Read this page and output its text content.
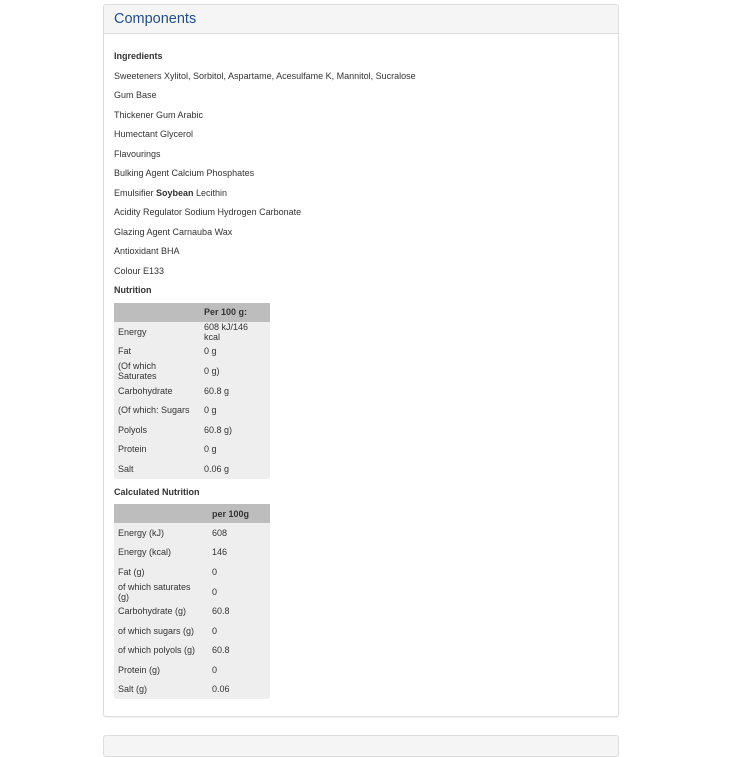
Components
Ingredients
Sweeteners Xylitol, Sorbitol, Aspartame, Acesulfame K, Mannitol, Sucralose
Gum Base
Thickener Gum Arabic
Humectant Glycerol
Flavourings
Bulking Agent Calcium Phosphates
Emulsifier Soybean Lecithin
Acidity Regulator Sodium Hydrogen Carbonate
Glazing Agent Carnauba Wax
Antioxidant BHA
Colour E133
Nutrition
	Per 100 g:
Energy	608 kJ/146 kcal
Fat	0 g
(Of which Saturates	0 g)
Carbohydrate	60.8 g
(Of which: Sugars	0 g
Polyols	60.8 g)
Protein	0 g
Salt	0.06 g
Calculated Nutrition
	per 100g
Energy (kJ)	608
Energy (kcal)	146
Fat (g)	0
of which saturates (g)	0
Carbohydrate (g)	60.8
of which sugars (g)	0
of which polyols (g)	60.8
Protein (g)	0
Salt (g)	0.06
